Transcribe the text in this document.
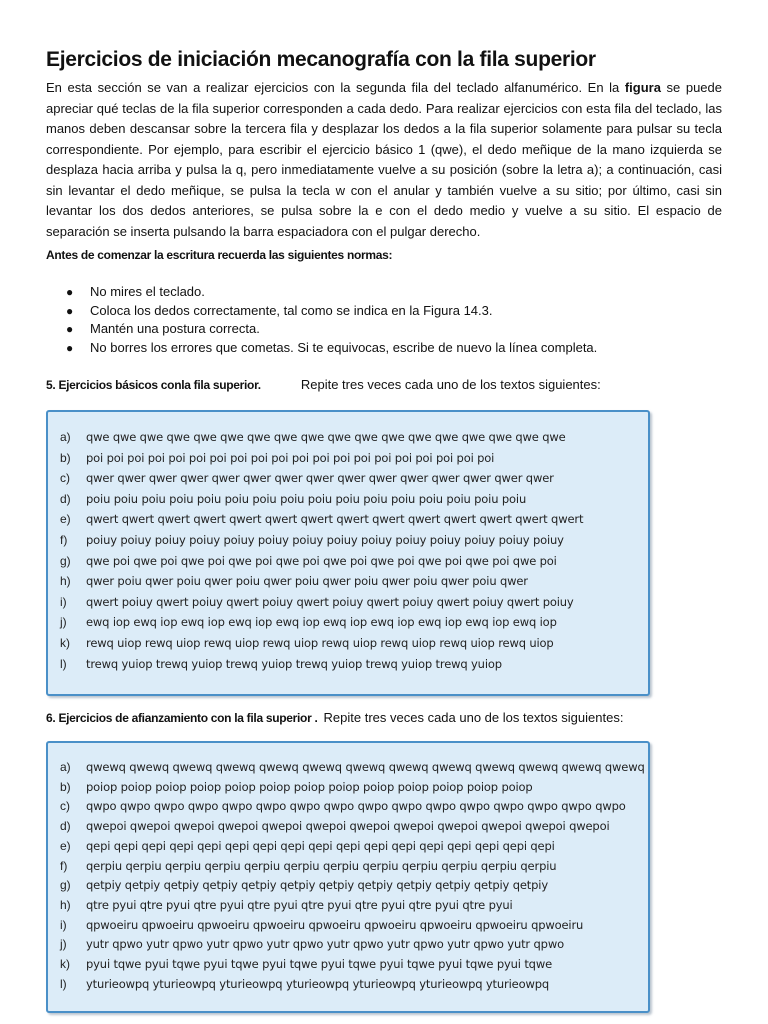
Ejercicios de iniciación mecanografía con la fila superior

En esta sección se van a realizar ejercicios con la segunda fila del teclado alfanumérico. En la figura se puede apreciar qué teclas de la fila superior corresponden a cada dedo. Para realizar ejercicios con esta fila del teclado, las manos deben descansar sobre la tercera fila y desplazar los dedos a la fila superior solamente para pulsar su tecla correspondiente. Por ejemplo, para escribir el ejercicio básico 1 (qwe), el dedo meñique de la mano izquierda se desplaza hacia arriba y pulsa la q, pero inmediatamente vuelve a su posición (sobre la letra a); a continuación, casi sin levantar el dedo meñique, se pulsa la tecla w con el anular y también vuelve a su sitio; por último, casi sin levantar los dos dedos anteriores, se pulsa sobre la e con el dedo medio y vuelve a su sitio. El espacio de separación se inserta pulsando la barra espaciadora con el pulgar derecho.

Antes de comenzar la escritura recuerda las siguientes normas:
● No mires el teclado.
● Coloca los dedos correctamente, tal como se indica en la Figura 14.3.
● Mantén una postura correcta.
● No borres los errores que cometas. Si te equivocas, escribe de nuevo la línea completa.
5. Ejercicios básicos conla fila superior.	Repite tres veces cada uno de los textos siguientes:
a) qwe qwe qwe qwe qwe qwe qwe qwe qwe qwe qwe qwe qwe qwe qwe qwe qwe qwe
b) poi poi poi poi poi poi poi poi poi poi poi poi poi poi poi poi poi poi poi poi
c) qwer qwer qwer qwer qwer qwer qwer qwer qwer qwer qwer qwer qwer qwer qwer
d) poiu poiu poiu poiu poiu poiu poiu poiu poiu poiu poiu poiu poiu poiu poiu poiu
e) qwert qwert qwert qwert qwert qwert qwert qwert qwert qwert qwert qwert qwert qwert
f) poiuy poiuy poiuy poiuy poiuy poiuy poiuy poiuy poiuy poiuy poiuy poiuy poiuy poiuy
g) qwe poi qwe poi qwe poi qwe poi qwe poi qwe poi qwe poi qwe poi qwe poi qwe poi
h) qwer poiu qwer poiu qwer poiu qwer poiu qwer poiu qwer poiu qwer poiu qwer
i) qwert poiuy qwert poiuy qwert poiuy qwert poiuy qwert poiuy qwert poiuy qwert poiuy
j) ewq iop ewq iop ewq iop ewq iop ewq iop ewq iop ewq iop ewq iop ewq iop ewq iop
k) rewq uiop rewq uiop rewq uiop rewq uiop rewq uiop rewq uiop rewq uiop rewq uiop
l) trewq yuiop trewq yuiop trewq yuiop trewq yuiop trewq yuiop trewq yuiop
6. Ejercicios de afianzamiento con la fila superior . Repite tres veces cada uno de los textos siguientes:
a) qwewq qwewq qwewq qwewq qwewq qwewq qwewq qwewq qwewq qwewq qwewq qwewq qwewq
b) poiop poiop poiop poiop poiop poiop poiop poiop poiop poiop poiop poiop poiop
c) qwpo qwpo qwpo qwpo qwpo qwpo qwpo qwpo qwpo qwpo qwpo qwpo qwpo qwpo qwpo qwpo
d) qwepoi qwepoi qwepoi qwepoi qwepoi qwepoi qwepoi qwepoi qwepoi qwepoi qwepoi qwepoi
e) qepi qepi qepi qepi qepi qepi qepi qepi qepi qepi qepi qepi qepi qepi qepi qepi qepi
f) qerpiu qerpiu qerpiu qerpiu qerpiu qerpiu qerpiu qerpiu qerpiu qerpiu qerpiu qerpiu
g) qetpiy qetpiy qetpiy qetpiy qetpiy qetpiy qetpiy qetpiy qetpiy qetpiy qetpiy qetpiy
h) qtre pyui qtre pyui qtre pyui qtre pyui qtre pyui qtre pyui qtre pyui qtre pyui
i) qpwoeiru qpwoeiru qpwoeiru qpwoeiru qpwoeiru qpwoeiru qpwoeiru qpwoeiru qpwoeiru
j) yutr qpwo yutr qpwo yutr qpwo yutr qpwo yutr qpwo yutr qpwo yutr qpwo yutr qpwo
k) pyui tqwe pyui tqwe pyui tqwe pyui tqwe pyui tqwe pyui tqwe pyui tqwe pyui tqwe
l) yturieowpq yturieowpq yturieowpq yturieowpq yturieowpq yturieowpq yturieowpq
